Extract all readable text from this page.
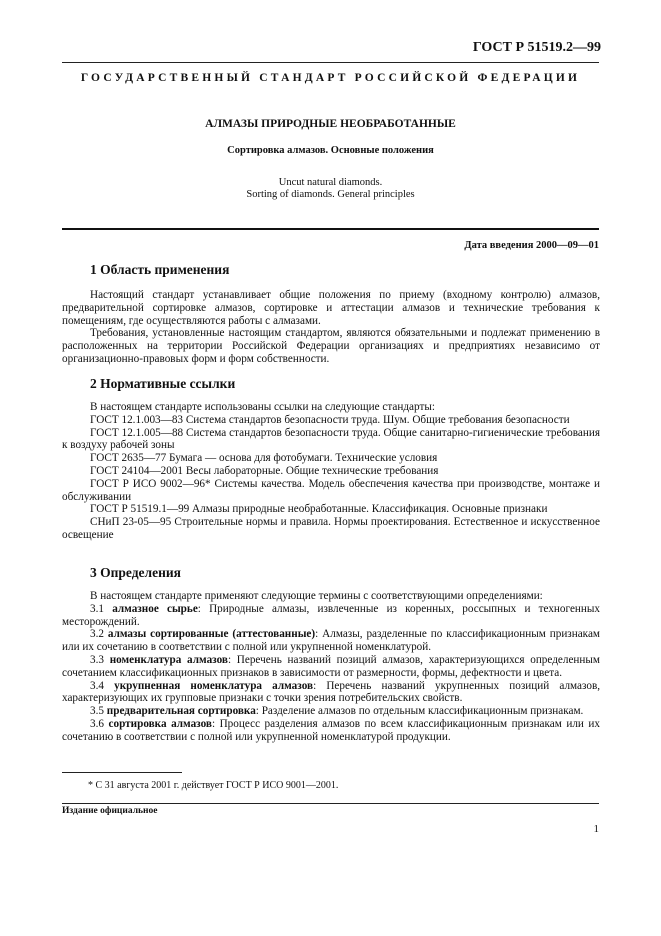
ГОСТ Р 51519.2—99
ГОСУДАРСТВЕННЫЙ СТАНДАРТ РОССИЙСКОЙ ФЕДЕРАЦИИ
АЛМАЗЫ ПРИРОДНЫЕ НЕОБРАБОТАННЫЕ
Сортировка алмазов. Основные положения
Uncut natural diamonds.
Sorting of diamonds. General principles
Дата введения 2000—09—01
1 Область применения

Настоящий стандарт устанавливает общие положения по приему (входному контролю) алмазов, предварительной сортировке алмазов, сортировке и аттестации алмазов и технические требования к помещениям, где осуществляются работы с алмазами.

Требования, установленные настоящим стандартом, являются обязательными и подлежат применению в расположенных на территории Российской Федерации организациях и предприятиях независимо от организационно-правовых форм и форм собственности.

2 Нормативные ссылки

В настоящем стандарте использованы ссылки на следующие стандарты:

ГОСТ 12.1.003—83 Система стандартов безопасности труда. Шум. Общие требования безопасности

ГОСТ 12.1.005—88 Система стандартов безопасности труда. Общие санитарно-гигиенические требования к воздуху рабочей зоны

ГОСТ 2635—77 Бумага — основа для фотобумаги. Технические условия

ГОСТ 24104—2001 Весы лабораторные. Общие технические требования

ГОСТ Р ИСО 9002—96* Системы качества. Модель обеспечения качества при производстве, монтаже и обслуживании

ГОСТ Р 51519.1—99 Алмазы природные необработанные. Классификация. Основные признаки

СНиП 23-05—95 Строительные нормы и правила. Нормы проектирования. Естественное и искусственное освещение

3 Определения

В настоящем стандарте применяют следующие термины с соответствующими определениями:

3.1 алмазное сырье: Природные алмазы, извлеченные из коренных, россыпных и техногенных месторождений.

3.2 алмазы сортированные (аттестованные): Алмазы, разделенные по классификационным признакам или их сочетанию в соответствии с полной или укрупненной номенклатурой.

3.3 номенклатура алмазов: Перечень названий позиций алмазов, характеризующихся определенным сочетанием классификационных признаков в зависимости от размерности, формы, дефектности и цвета.

3.4 укрупненная номенклатура алмазов: Перечень названий укрупненных позиций алмазов, характеризующих их групповые признаки с точки зрения потребительских свойств.

3.5 предварительная сортировка: Разделение алмазов по отдельным классификационным признакам.

3.6 сортировка алмазов: Процесс разделения алмазов по всем классификационным признакам или их сочетанию в соответствии с полной или укрупненной номенклатурой продукции.

* С 31 августа 2001 г. действует ГОСТ Р ИСО 9001—2001.
Издание официальное
1
